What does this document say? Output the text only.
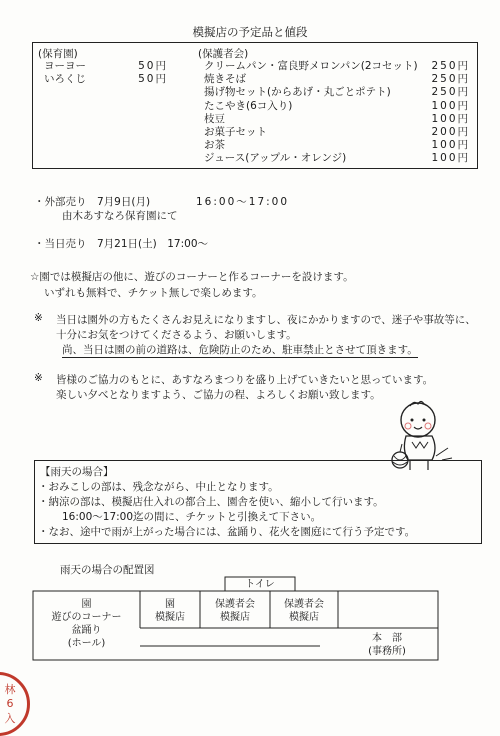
模擬店の予定品と値段
(保育園)
ヨーヨー	50円
いろくじ	50円
(保護者会)
クリームパン・富良野メロンパン(2コセット)	250円
焼きそば	250円
揚げ物セット(からあげ・丸ごとポテト)	250円
たこやき(6コ入り)	100円
枝豆	100円
お菓子セット	200円
お茶	100円
ジュース(アップル・オレンジ)	100円
・外部売り　7月9日(月)	16:00〜17:00
由木あすなろ保育園にて
・当日売り　7月21日(土)　17:00〜
☆園では模擬店の他に、遊びのコーナーと作るコーナーを設けます。
いずれも無料で、チケット無しで楽しめます。
※ 当日は園外の方もたくさんお見えになりますし、夜にかかりますので、迷子や事故等に、
十分にお気をつけてくださるよう、お願いします。
尚、当日は園の前の道路は、危険防止のため、駐車禁止とさせて頂きます。
※ 皆様のご協力のもとに、あすなろまつりを盛り上げていきたいと思っています。
楽しい夕べとなりますよう、ご協力の程、よろしくお願い致します。
【雨天の場合】
・おみこしの部は、残念ながら、中止となります。
・納涼の部は、模擬店仕入れの都合上、園舎を使い、縮小して行います。
16:00〜17:00迄の間に、チケットと引換えて下さい。
・なお、途中で雨が上がった場合には、盆踊り、花火を園庭にて行う予定です。
雨天の場合の配置図
トイレ
園
遊びのコーナー
盆踊り
(ホール)
園
模擬店
保護者会
模擬店
保護者会
模擬店
本　部
(事務所)
林
6
入
